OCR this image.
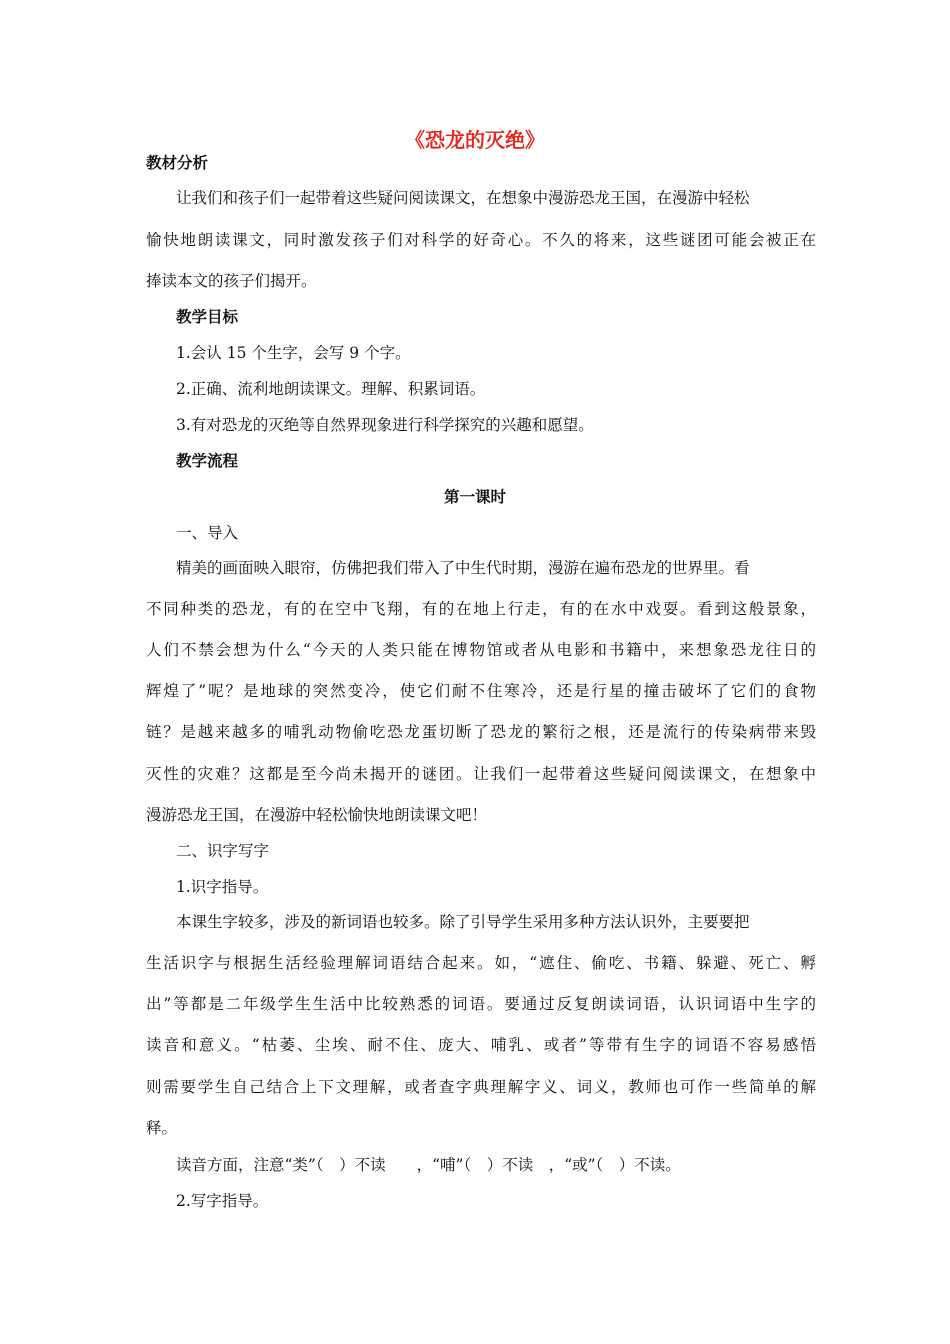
《恐龙的灭绝》
教材分析
让我们和孩子们一起带着这些疑问阅读课文，在想象中漫游恐龙王国，在漫游中轻松
愉快地朗读课文，同时激发孩子们对科学的好奇心。不久的将来，这些谜团可能会被正在
捧读本文的孩子们揭开。
教学目标
1.会认 15 个生字，会写 9 个字。
2.正确、流利地朗读课文。理解、积累词语。
3.有对恐龙的灭绝等自然界现象进行科学探究的兴趣和愿望。
教学流程
第一课时
一、导入
精美的画面映入眼帘，仿佛把我们带入了中生代时期，漫游在遍布恐龙的世界里。看
不同种类的恐龙，有的在空中飞翔，有的在地上行走，有的在水中戏耍。看到这般景象，
人们不禁会想为什么“今天的人类只能在博物馆或者从电影和书籍中，来想象恐龙往日的
辉煌了”呢？是地球的突然变冷，使它们耐不住寒冷，还是行星的撞击破坏了它们的食物
链？是越来越多的哺乳动物偷吃恐龙蛋切断了恐龙的繁衍之根，还是流行的传染病带来毁
灭性的灾难？这都是至今尚未揭开的谜团。让我们一起带着这些疑问阅读课文，在想象中
漫游恐龙王国，在漫游中轻松愉快地朗读课文吧！
二、识字写字
1.识字指导。
本课生字较多，涉及的新词语也较多。除了引导学生采用多种方法认识外，主要要把
生活识字与根据生活经验理解词语结合起来。如，“遮住、偷吃、书籍、躲避、死亡、孵
出”等都是二年级学生生活中比较熟悉的词语。要通过反复朗读词语，认识词语中生字的
读音和意义。“枯萎、尘埃、耐不住、庞大、哺乳、或者”等带有生字的词语不容易感悟
则需要学生自己结合上下文理解，或者查字典理解字义、词义，教师也可作一些简单的解
释。
读音方面，注意“类”（　）不读　　，“哺”（　）不读　，“或”（　）不读。
2.写字指导。
